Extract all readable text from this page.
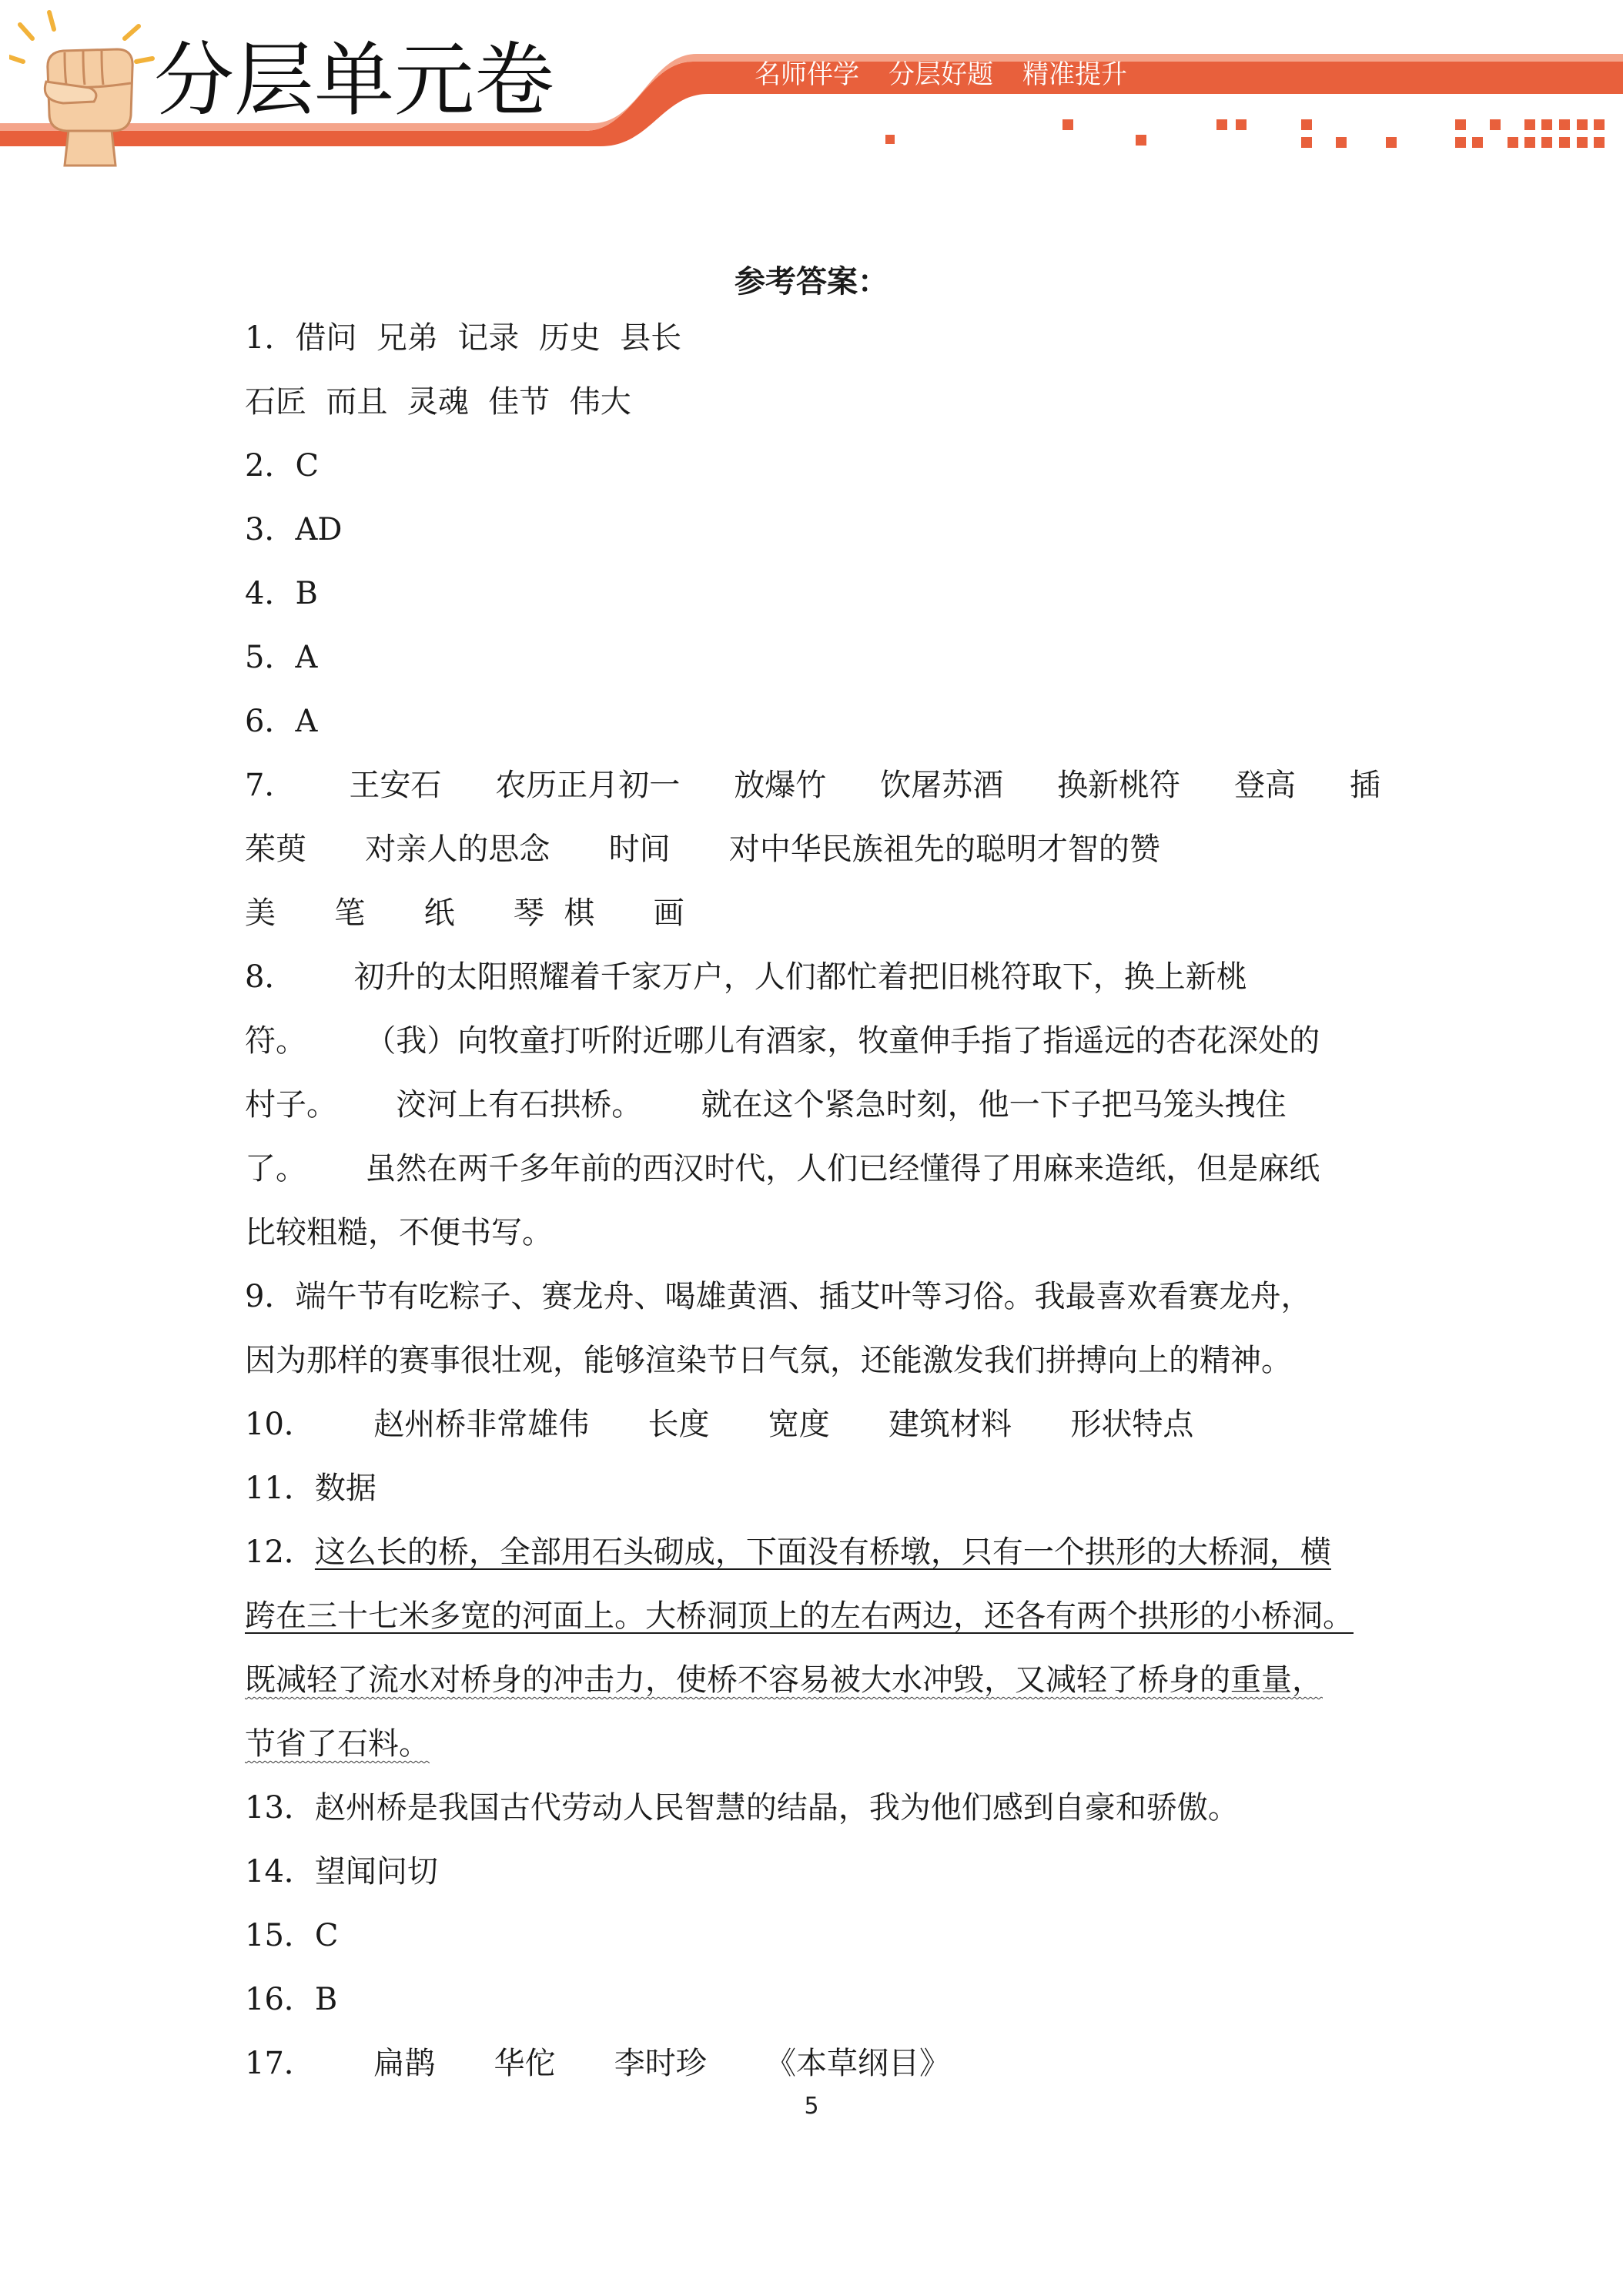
分层单元卷	名师伴学 分层好题 精准提升
参考答案：
1．借问  兄弟  记录  历史  县长
石匠  而且  灵魂  佳节  伟大
2．C
3．AD
4．B
5．A
6．A
7． 王安石 农历正月初一 放爆竹 饮屠苏酒 换新桃符 登高 插
茱萸      对亲人的思念      时间      对中华民族祖先的聪明才智的赞
美      笔      纸      琴  棋      画
8．      初升的太阳照耀着千家万户，人们都忙着把旧桃符取下，换上新桃
符。      （我）向牧童打听附近哪儿有酒家，牧童伸手指了指遥远的杏花深处的
村子。      洨河上有石拱桥。      就在这个紧急时刻，他一下子把马笼头拽住
了。      虽然在两千多年前的西汉时代，人们已经懂得了用麻来造纸，但是麻纸
比较粗糙，不便书写。
9．端午节有吃粽子、赛龙舟、喝雄黄酒、插艾叶等习俗。我最喜欢看赛龙舟，
因为那样的赛事很壮观，能够渲染节日气氛，还能激发我们拼搏向上的精神。
10．      赵州桥非常雄伟      长度      宽度      建筑材料      形状特点
11．数据
12．这么长的桥，全部用石头砌成，下面没有桥墩，只有一个拱形的大桥洞，横
跨在三十七米多宽的河面上。大桥洞顶上的左右两边，还各有两个拱形的小桥洞。
既减轻了流水对桥身的冲击力，使桥不容易被大水冲毁，又减轻了桥身的重量，
节省了石料。
13．赵州桥是我国古代劳动人民智慧的结晶，我为他们感到自豪和骄傲。
14．望闻问切
15．C
16．B
17．      扁鹊      华佗      李时珍      《本草纲目》
5
